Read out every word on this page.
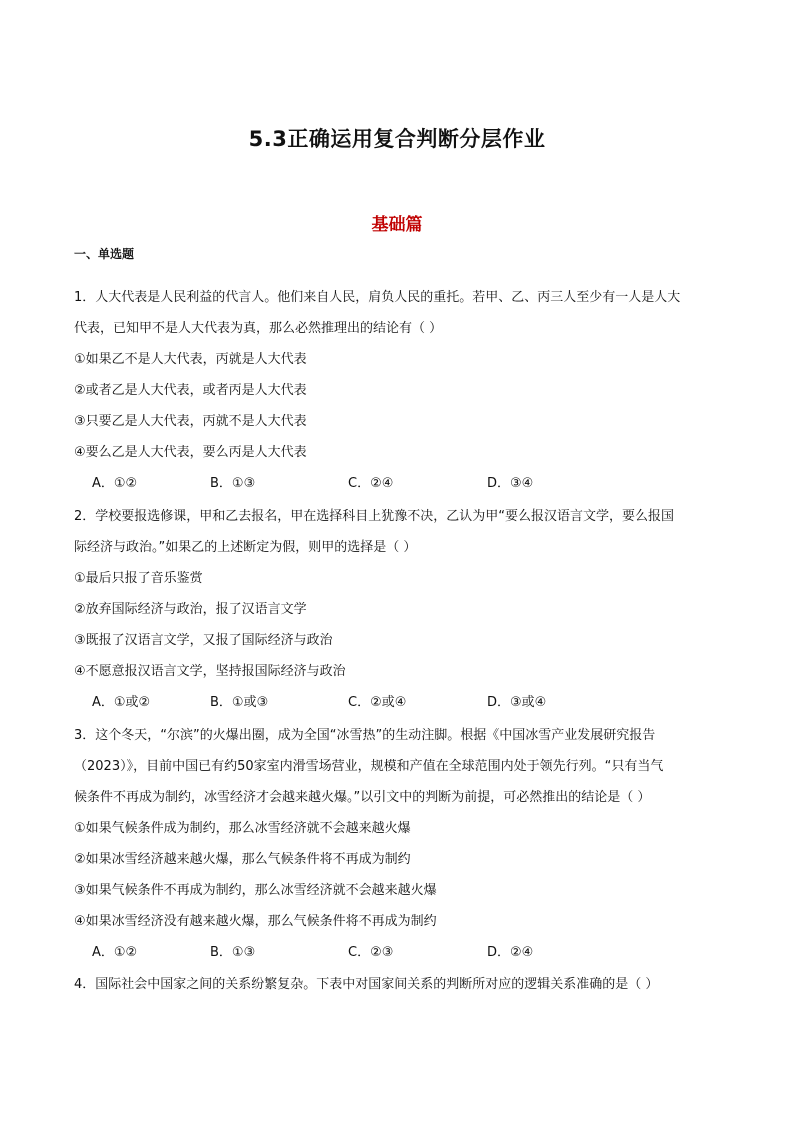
5.3正确运用复合判断分层作业
基础篇
一、单选题
1．人大代表是人民利益的代言人。他们来自人民，肩负人民的重托。若甲、乙、丙三人至少有一人是人大
代表，已知甲不是人大代表为真，那么必然推理出的结论有（ ）
①如果乙不是人大代表，丙就是人大代表
②或者乙是人大代表，或者丙是人大代表
③只要乙是人大代表，丙就不是人大代表
④要么乙是人大代表，要么丙是人大代表
A．①②	B．①③	C．②④	D．③④
2．学校要报选修课，甲和乙去报名，甲在选择科目上犹豫不决，乙认为甲“要么报汉语言文学，要么报国
际经济与政治。”如果乙的上述断定为假，则甲的选择是（ ）
①最后只报了音乐鉴赏
②放弃国际经济与政治，报了汉语言文学
③既报了汉语言文学，又报了国际经济与政治
④不愿意报汉语言文学，坚持报国际经济与政治
A．①或②	B．①或③	C．②或④	D．③或④
3．这个冬天，“尔滨”的火爆出圈，成为全国“冰雪热”的生动注脚。根据《中国冰雪产业发展研究报告
（2023）》，目前中国已有约50家室内滑雪场营业，规模和产值在全球范围内处于领先行列。“只有当气
候条件不再成为制约，冰雪经济才会越来越火爆。”以引文中的判断为前提，可必然推出的结论是（ ）
①如果气候条件成为制约，那么冰雪经济就不会越来越火爆
②如果冰雪经济越来越火爆，那么气候条件将不再成为制约
③如果气候条件不再成为制约，那么冰雪经济就不会越来越火爆
④如果冰雪经济没有越来越火爆，那么气候条件将不再成为制约
A．①②	B．①③	C．②③	D．②④
4．国际社会中国家之间的关系纷繁复杂。下表中对国家间关系的判断所对应的逻辑关系准确的是（ ）
